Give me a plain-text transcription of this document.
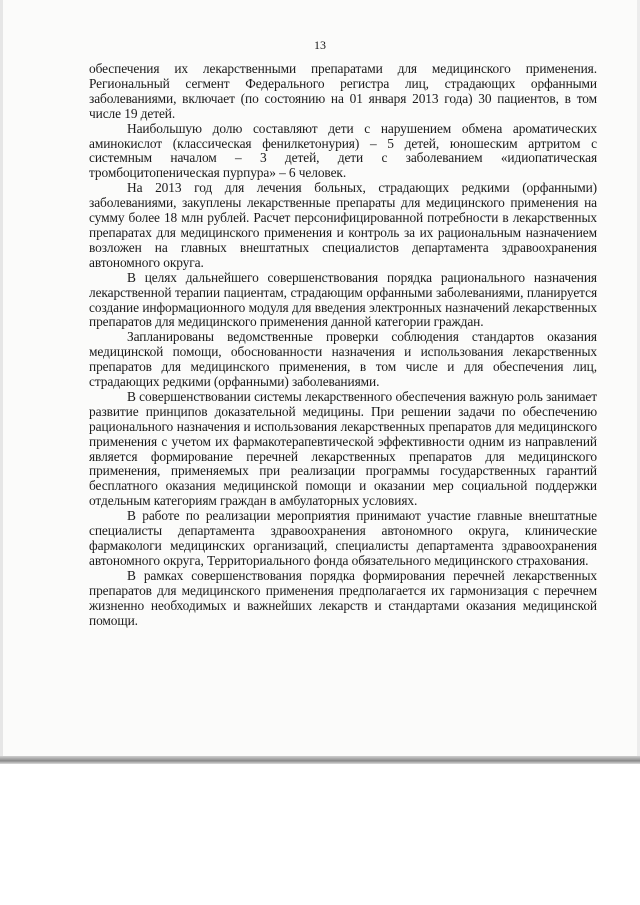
13

обеспечения их лекарственными препаратами для медицинского применения. Региональный сегмент Федерального регистра лиц, страдающих орфанными заболеваниями, включает (по состоянию на 01 января 2013 года) 30 пациентов, в том числе 19 детей.

Наибольшую долю составляют дети с нарушением обмена ароматических аминокислот (классическая фенилкетонурия) – 5 детей, юношеским артритом с системным началом – 3 детей, дети с заболеванием «идиопатическая тромбоцитопеническая пурпура» – 6 человек.

На 2013 год для лечения больных, страдающих редкими (орфанными) заболеваниями, закуплены лекарственные препараты для медицинского применения на сумму более 18 млн рублей. Расчет персонифицированной потребности в лекарственных препаратах для медицинского применения и контроль за их рациональным назначением возложен на главных внештатных специалистов департамента здравоохранения автономного округа.

В целях дальнейшего совершенствования порядка рационального назначения лекарственной терапии пациентам, страдающим орфанными заболеваниями, планируется создание информационного модуля для введения электронных назначений лекарственных препаратов для медицинского применения данной категории граждан.

Запланированы ведомственные проверки соблюдения стандартов оказания медицинской помощи, обоснованности назначения и использования лекарственных препаратов для медицинского применения, в том числе и для обеспечения лиц, страдающих редкими (орфанными) заболеваниями.

В совершенствовании системы лекарственного обеспечения важную роль занимает развитие принципов доказательной медицины. При решении задачи по обеспечению рационального назначения и использования лекарственных препаратов для медицинского применения с учетом их фармакотерапевтической эффективности одним из направлений является формирование перечней лекарственных препаратов для медицинского применения, применяемых при реализации программы государственных гарантий бесплатного оказания медицинской помощи и оказании мер социальной поддержки отдельным категориям граждан в амбулаторных условиях.

В работе по реализации мероприятия принимают участие главные внештатные специалисты департамента здравоохранения автономного округа, клинические фармакологи медицинских организаций, специалисты департамента здравоохранения автономного округа, Территориального фонда обязательного медицинского страхования.

В рамках совершенствования порядка формирования перечней лекарственных препаратов для медицинского применения предполагается их гармонизация с перечнем жизненно необходимых и важнейших лекарств и стандартами оказания медицинской помощи.
